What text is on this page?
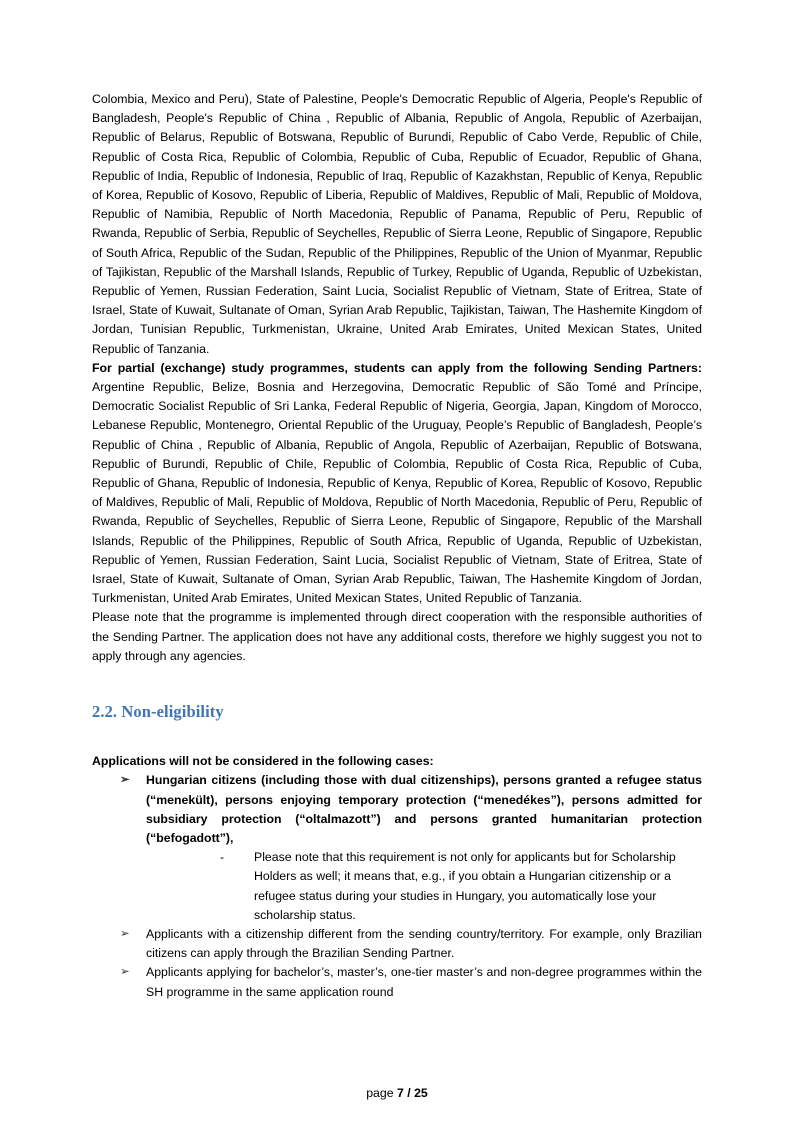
Colombia, Mexico and Peru), State of Palestine, People's Democratic Republic of Algeria, People's Republic of Bangladesh, People's Republic of China , Republic of Albania, Republic of Angola, Republic of Azerbaijan, Republic of Belarus, Republic of Botswana, Republic of Burundi, Republic of Cabo Verde, Republic of Chile, Republic of Costa Rica, Republic of Colombia, Republic of Cuba, Republic of Ecuador, Republic of Ghana, Republic of India, Republic of Indonesia, Republic of Iraq, Republic of Kazakhstan, Republic of Kenya, Republic of Korea, Republic of Kosovo, Republic of Liberia, Republic of Maldives, Republic of Mali, Republic of Moldova, Republic of Namibia, Republic of North Macedonia, Republic of Panama, Republic of Peru, Republic of Rwanda, Republic of Serbia, Republic of Seychelles, Republic of Sierra Leone, Republic of Singapore, Republic of South Africa, Republic of the Sudan, Republic of the Philippines, Republic of the Union of Myanmar, Republic of Tajikistan, Republic of the Marshall Islands, Republic of Turkey, Republic of Uganda, Republic of Uzbekistan, Republic of Yemen, Russian Federation, Saint Lucia, Socialist Republic of Vietnam, State of Eritrea, State of Israel, State of Kuwait, Sultanate of Oman, Syrian Arab Republic, Tajikistan, Taiwan, The Hashemite Kingdom of Jordan, Tunisian Republic, Turkmenistan, Ukraine, United Arab Emirates, United Mexican States, United Republic of Tanzania.

For partial (exchange) study programmes, students can apply from the following Sending Partners: Argentine Republic, Belize, Bosnia and Herzegovina, Democratic Republic of São Tomé and Príncipe, Democratic Socialist Republic of Sri Lanka, Federal Republic of Nigeria, Georgia, Japan, Kingdom of Morocco, Lebanese Republic, Montenegro, Oriental Republic of the Uruguay, People’s Republic of Bangladesh, People’s Republic of China , Republic of Albania, Republic of Angola, Republic of Azerbaijan, Republic of Botswana, Republic of Burundi, Republic of Chile, Republic of Colombia, Republic of Costa Rica, Republic of Cuba, Republic of Ghana, Republic of Indonesia, Republic of Kenya, Republic of Korea, Republic of Kosovo, Republic of Maldives, Republic of Mali, Republic of Moldova, Republic of North Macedonia, Republic of Peru, Republic of Rwanda, Republic of Seychelles, Republic of Sierra Leone, Republic of Singapore, Republic of the Marshall Islands, Republic of the Philippines, Republic of South Africa, Republic of Uganda, Republic of Uzbekistan, Republic of Yemen, Russian Federation, Saint Lucia, Socialist Republic of Vietnam, State of Eritrea, State of Israel, State of Kuwait, Sultanate of Oman, Syrian Arab Republic, Taiwan, The Hashemite Kingdom of Jordan, Turkmenistan, United Arab Emirates, United Mexican States, United Republic of Tanzania.

Please note that the programme is implemented through direct cooperation with the responsible authorities of the Sending Partner. The application does not have any additional costs, therefore we highly suggest you not to apply through any agencies.

2.2. Non-eligibility
Applications will not be considered in the following cases:
➢ Hungarian citizens (including those with dual citizenships), persons granted a refugee status (“menekült), persons enjoying temporary protection (“menedékes”), persons admitted for subsidiary protection (“oltalmazott”) and persons granted humanitarian protection (“befogadott”),
- Please note that this requirement is not only for applicants but for Scholarship Holders as well; it means that, e.g., if you obtain a Hungarian citizenship or a refugee status during your studies in Hungary, you automatically lose your scholarship status.
➢ Applicants with a citizenship different from the sending country/territory. For example, only Brazilian citizens can apply through the Brazilian Sending Partner.
➢ Applicants applying for bachelor’s, master’s, one-tier master’s and non-degree programmes within the SH programme in the same application round
page 7 / 25
